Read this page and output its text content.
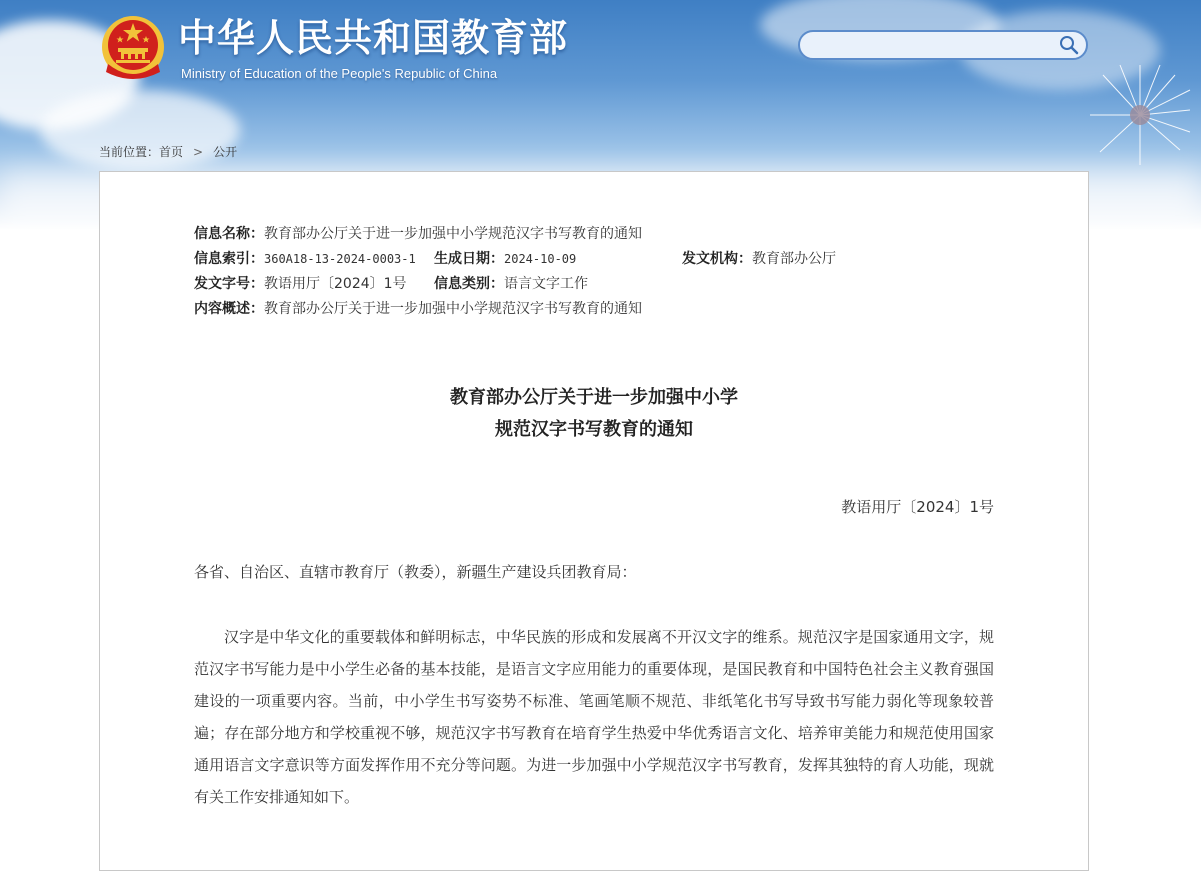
中华人民共和国教育部
Ministry of Education of the People's Republic of China
当前位置：首页 > 公开
信息名称：教育部办公厅关于进一步加强中小学规范汉字书写教育的通知
信息索引：360A18-13-2024-0003-1 生成日期：2024-10-09	发文机构：教育部办公厅
发文字号：教语用厅〔2024〕1号 信息类别：语言文字工作
内容概述：教育部办公厅关于进一步加强中小学规范汉字书写教育的通知
教育部办公厅关于进一步加强中小学
规范汉字书写教育的通知
教语用厅〔2024〕1号
各省、自治区、直辖市教育厅（教委），新疆生产建设兵团教育局：
汉字是中华文化的重要载体和鲜明标志，中华民族的形成和发展离不开汉文字的维系。规范汉字是国家通用文字，规范汉字书写能力是中小学生必备的基本技能，是语言文字应用能力的重要体现，是国民教育和中国特色社会主义教育强国建设的一项重要内容。当前，中小学生书写姿势不标准、笔画笔顺不规范、非纸笔化书写导致书写能力弱化等现象较普遍；存在部分地方和学校重视不够，规范汉字书写教育在培育学生热爱中华优秀语言文化、培养审美能力和规范使用国家通用语言文字意识等方面发挥作用不充分等问题。为进一步加强中小学规范汉字书写教育，发挥其独特的育人功能，现就有关工作安排通知如下。
